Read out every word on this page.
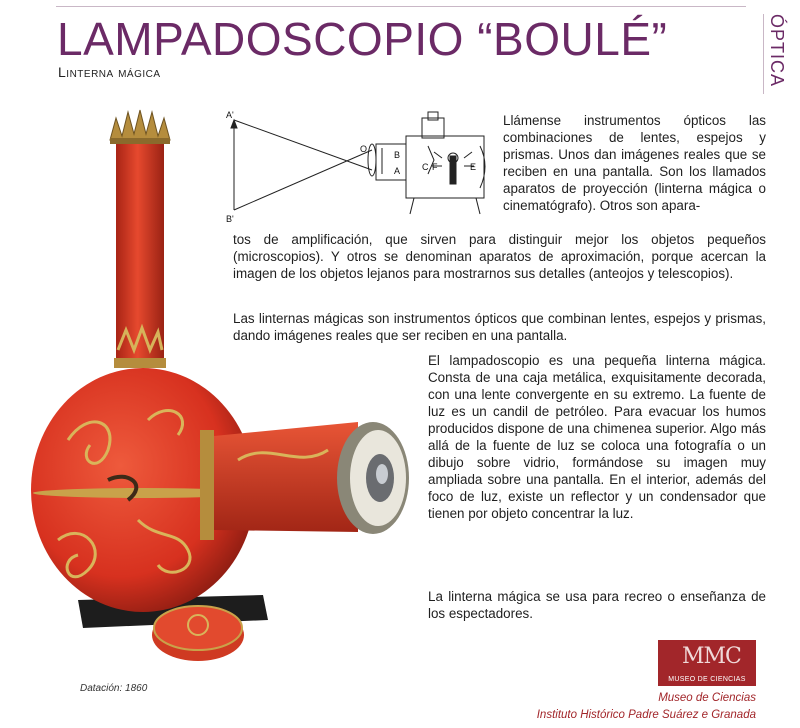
LAMPADOSCOPIO “BOULÉ”
Linterna mágica	ÓPTICA
A'
B'
O
B
A C F	E
Llámense instrumentos ópticos las combinaciones de lentes, espejos y prismas. Unos dan imágenes reales que se reciben en una pantalla. Son los llamados aparatos de proyección (linterna mágica o cinematógrafo). Otros son apara-
tos de amplificación, que sirven para distinguir mejor los objetos pequeños (microscopios). Y otros se denominan aparatos de aproximación, porque acercan la imagen de los objetos lejanos para mostrarnos sus detalles (anteojos y telescopios).
Las linternas mágicas son instrumentos ópticos que combinan lentes, espejos y prismas, dando imágenes reales que ser reciben en una pantalla.
El lampadoscopio es una pequeña linterna mágica. Consta de una caja metálica, exquisitamente decorada, con una lente convergente en su extremo. La fuente de luz es un candil de petróleo. Para evacuar los humos producidos dispone de una chimenea superior. Algo más allá de la fuente de luz se coloca una fotografía o un dibujo sobre vidrio, formándose su imagen muy ampliada sobre una pantalla. En el interior, además del foco de luz, existe un reflector y un condensador que tienen por objeto concentrar la luz.
La linterna mágica se usa para recreo o enseñanza de los espectadores.
Datación: 1860
MMC
MUSEO DE CIENCIAS
Museo de Ciencias
Instituto Histórico Padre Suárez e Granada
